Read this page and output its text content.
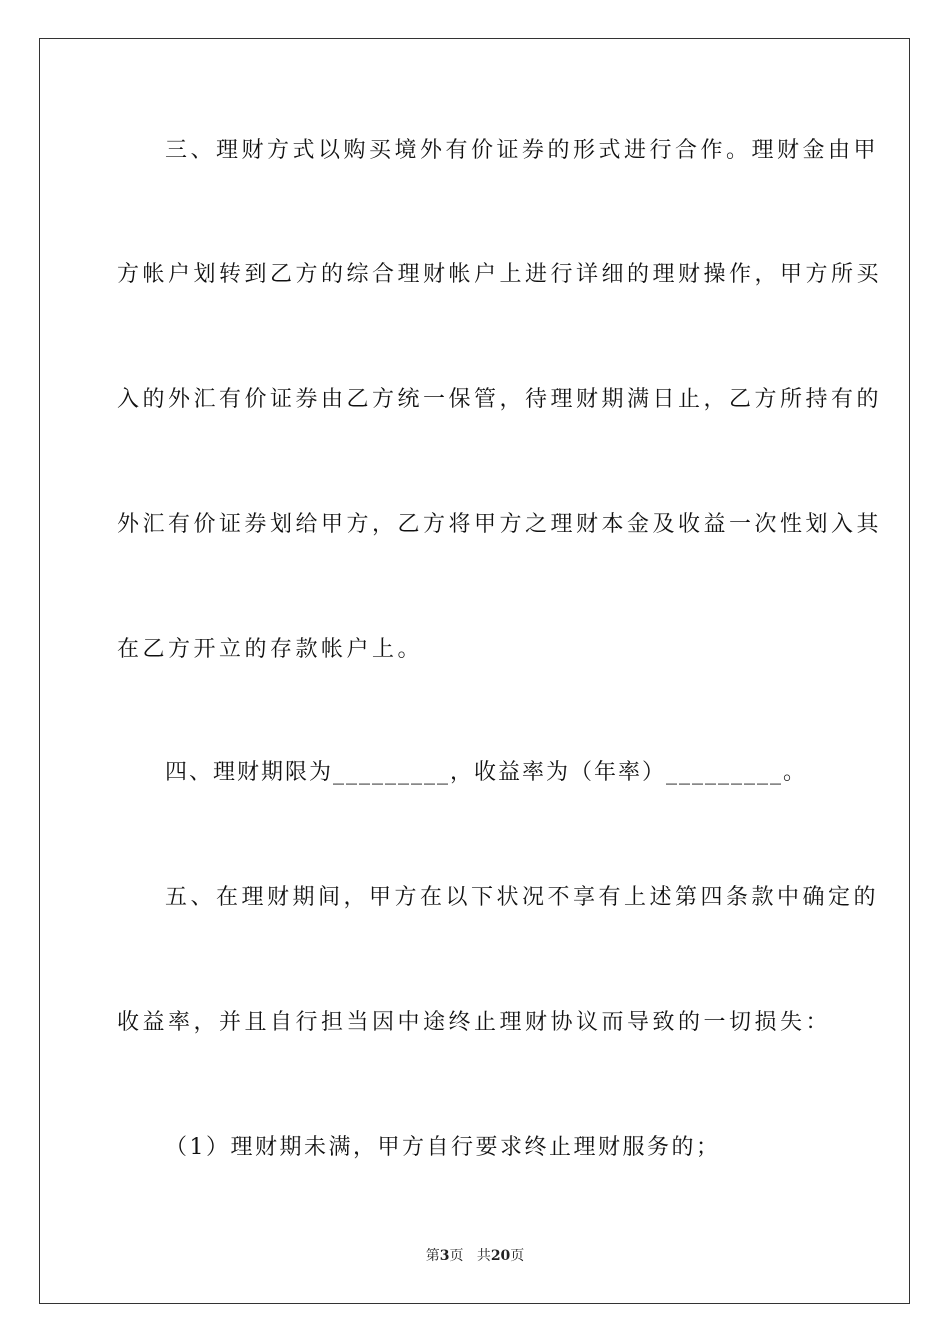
三、理财方式以购买境外有价证券的形式进行合作。理财金由甲

方帐户划转到乙方的综合理财帐户上进行详细的理财操作，甲方所买

入的外汇有价证券由乙方统一保管，待理财期满日止，乙方所持有的

外汇有价证券划给甲方，乙方将甲方之理财本金及收益一次性划入其

在乙方开立的存款帐户上。

四、理财期限为_________，收益率为（年率）_________。

五、在理财期间，甲方在以下状况不享有上述第四条款中确定的

收益率，并且自行担当因中途终止理财协议而导致的一切损失：

（1）理财期未满，甲方自行要求终止理财服务的；

第3页 共20页
